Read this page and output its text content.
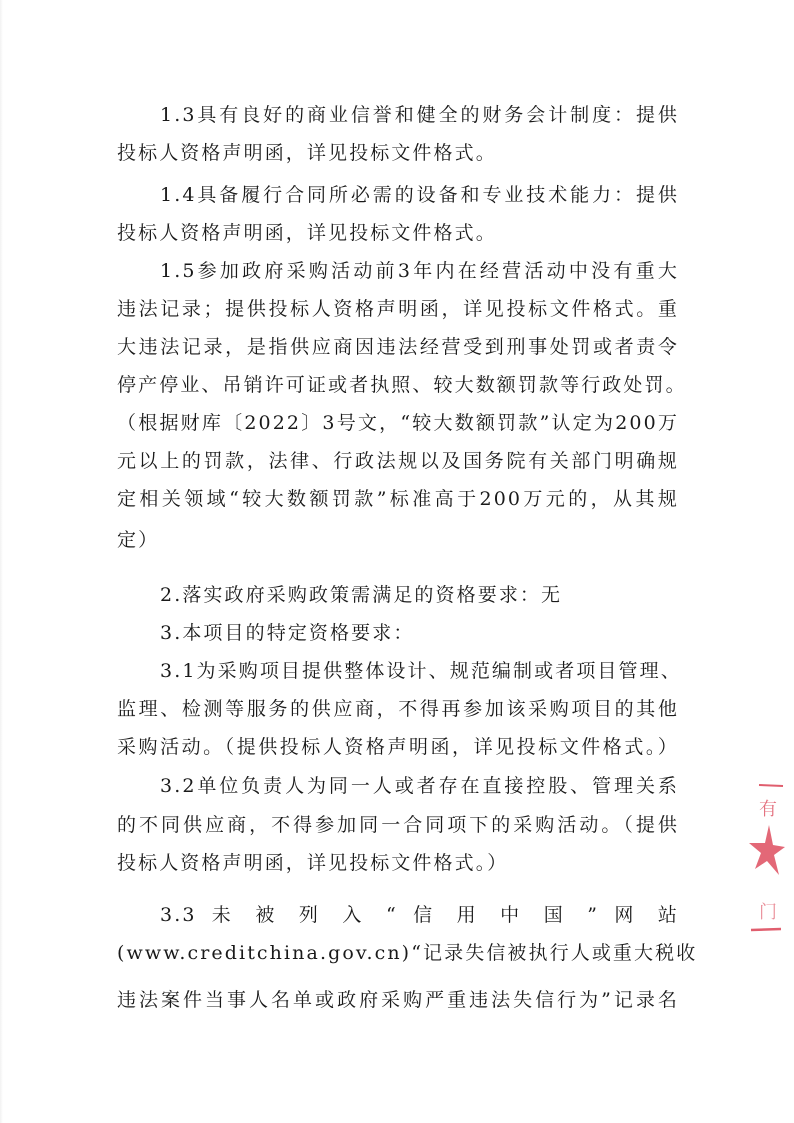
1.3具有良好的商业信誉和健全的财务会计制度：提供
投标人资格声明函，详见投标文件格式。
1.4具备履行合同所必需的设备和专业技术能力：提供
投标人资格声明函，详见投标文件格式。
1.5参加政府采购活动前3年内在经营活动中没有重大
违法记录；提供投标人资格声明函，详见投标文件格式。重
大违法记录，是指供应商因违法经营受到刑事处罚或者责令
停产停业、吊销许可证或者执照、较大数额罚款等行政处罚。
（根据财库〔2022〕3号文，“较大数额罚款”认定为200万
元以上的罚款，法律、行政法规以及国务院有关部门明确规
定相关领域“较大数额罚款”标准高于200万元的，从其规
定）
2.落实政府采购政策需满足的资格要求：无
3.本项目的特定资格要求：
3.1为采购项目提供整体设计、规范编制或者项目管理、
监理、检测等服务的供应商，不得再参加该采购项目的其他
采购活动。（提供投标人资格声明函，详见投标文件格式。）
3.2单位负责人为同一人或者存在直接控股、管理关系
的不同供应商，不得参加同一合同项下的采购活动。（提供
投标人资格声明函，详见投标文件格式。）
3.3 未 被 列 入 “ 信 用 中 国 ” 网 站
(www.creditchina.gov.cn)“记录失信被执行人或重大税收
违法案件当事人名单或政府采购严重违法失信行为”记录名
有
门
